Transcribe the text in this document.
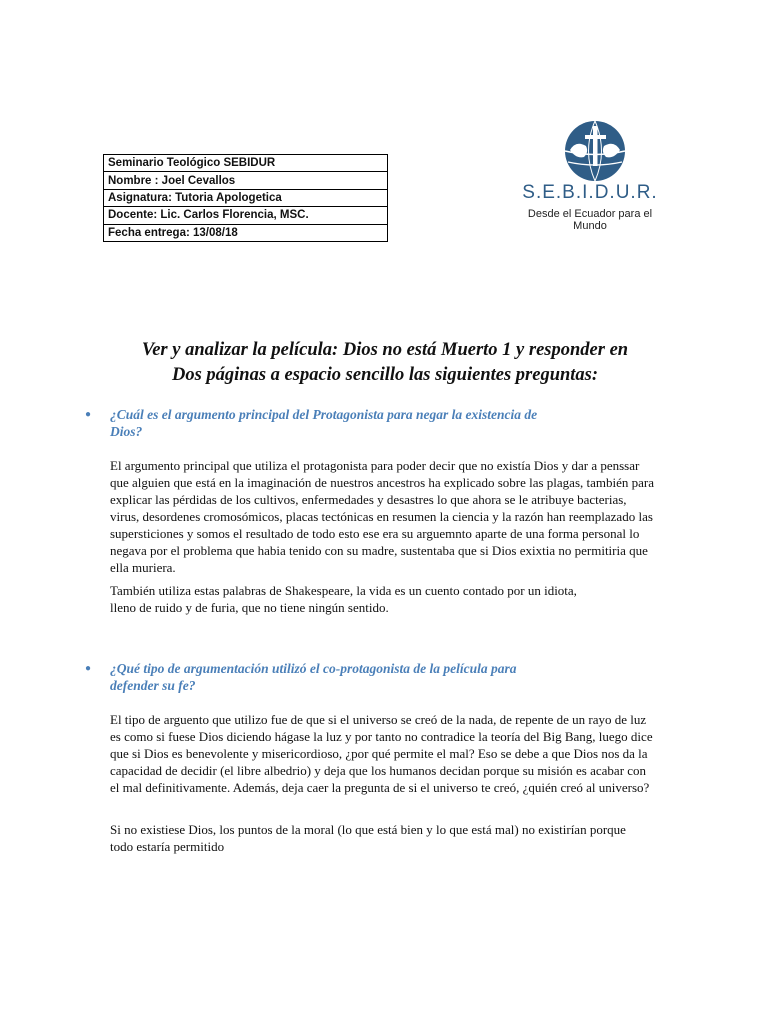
Seminario Teológico SEBIDUR
Nombre : Joel Cevallos
Asignatura: Tutoria Apologetica
Docente: Lic. Carlos Florencia, MSC.
Fecha entrega: 13/08/18
S.E.B.I.D.U.R.
Desde el Ecuador para el Mundo
Ver y analizar la película: Dios no está Muerto 1 y responder en
Dos páginas a espacio sencillo las siguientes preguntas:
● ¿Cuál es el argumento principal del Protagonista para negar la existencia de
Dios?

El argumento principal que utiliza el protagonista para poder decir que no existía Dios y dar a penssar que alguien que está en la imaginación de nuestros ancestros ha explicado sobre las plagas, también para explicar las pérdidas de los cultivos, enfermedades y desastres lo que ahora se le atribuye bacterias, virus, desordenes cromosómicos, placas tectónicas en resumen la ciencia y la razón han reemplazado las supersticiones y somos el resultado de todo esto ese era su arguemnto aparte de una forma personal lo negava por el problema que habia tenido con su madre, sustentaba que si Dios exixtia no permitiria que ella muriera.

También utiliza estas palabras de Shakespeare, la vida es un cuento contado por un idiota, lleno de ruido y de furia, que no tiene ningún sentido.

● ¿Qué tipo de argumentación utilizó el co-protagonista de la película para
defender su fe?

El tipo de arguento que utilizo fue de que si el universo se creó de la nada, de repente de un rayo de luz es como si fuese Dios diciendo hágase la luz y por tanto no contradice la teoría del Big Bang, luego dice que si Dios es benevolente y misericordioso, ¿por qué permite el mal? Eso se debe a que Dios nos da la capacidad de decidir (el libre albedrio) y deja que los humanos decidan porque su misión es acabar con el mal definitivamente. Además, deja caer la pregunta de si el universo te creó, ¿quién creó al universo?

Si no existiese Dios, los puntos de la moral (lo que está bien y lo que está mal) no existirían porque todo estaría permitido
